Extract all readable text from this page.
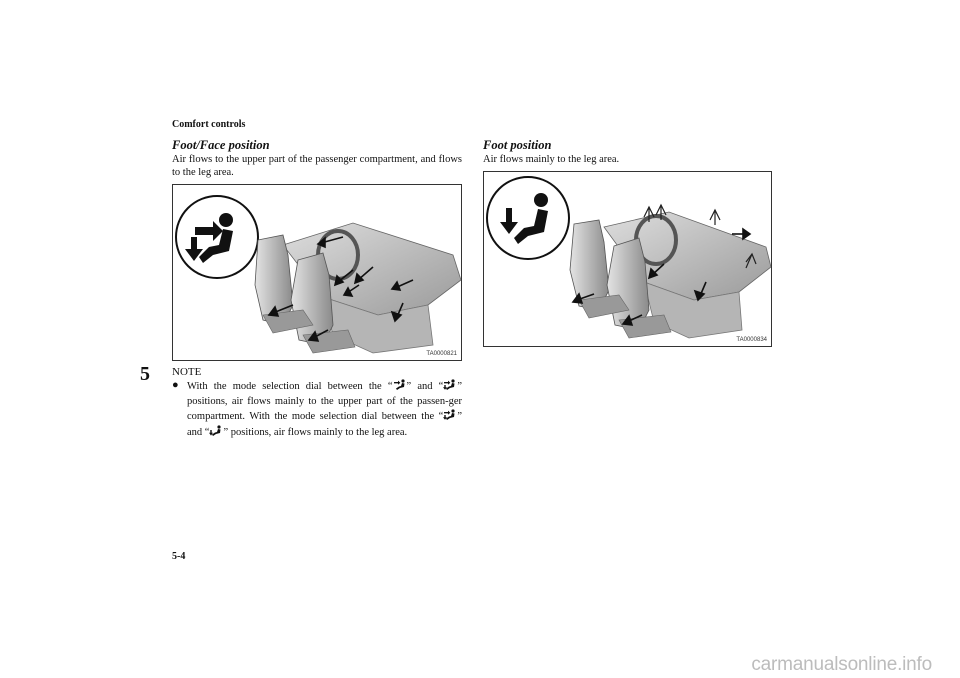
Comfort controls
5
Foot/Face position
Air flows to the upper part of the passenger compartment, and flows to the leg area.
TA0000821
NOTE
● With the mode selection dial between the “ ” and “ ” positions, air flows mainly to the upper part of the passen-ger compartment. With the mode selection dial between the “ ” and “ ” positions, air flows mainly to the leg area.
Foot position
Air flows mainly to the leg area.
TA0000834
5-4
carmanualsonline.info
